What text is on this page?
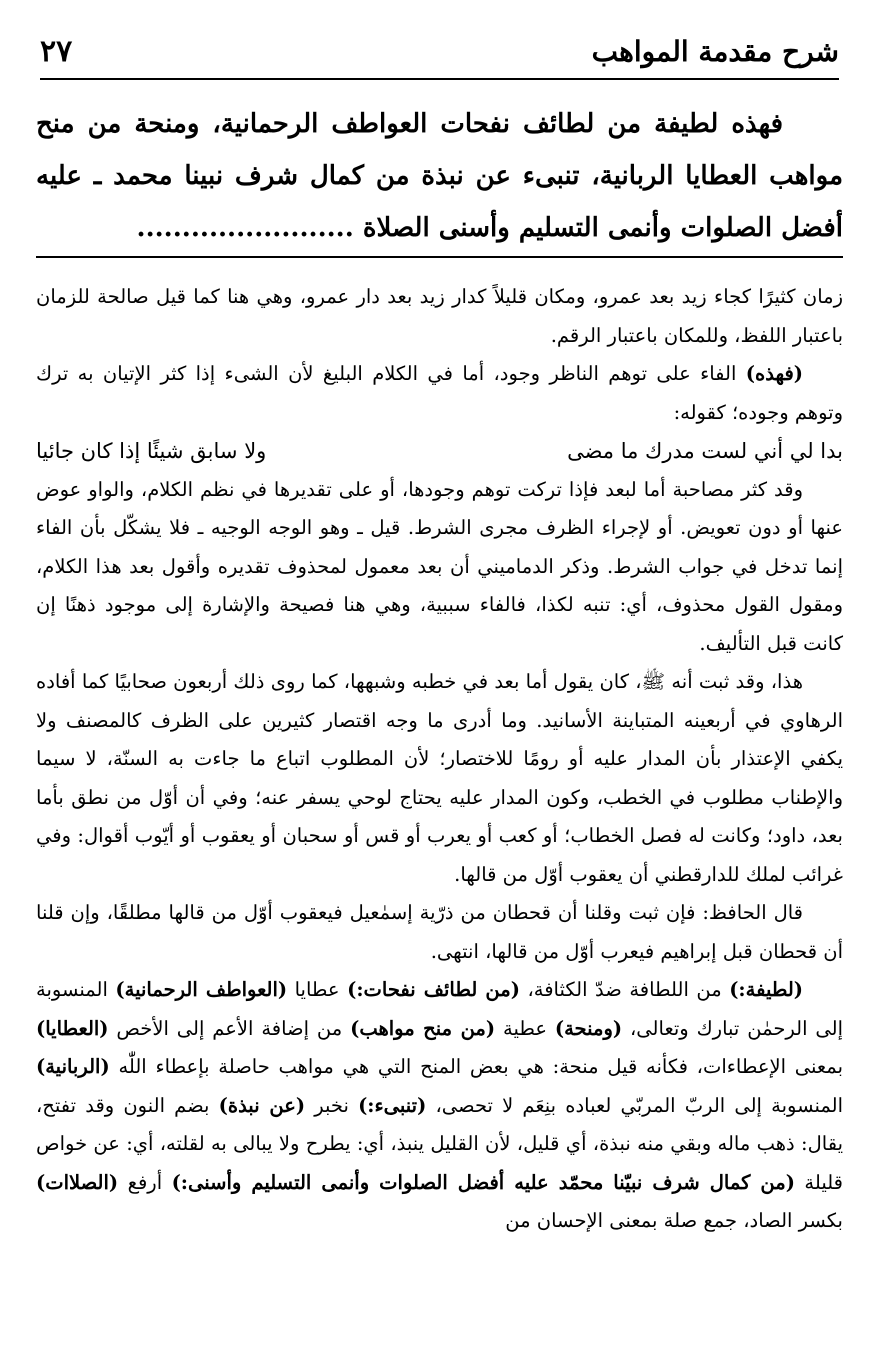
٢٧	شرح مقدمة المواهب

فهذه لطيفة من لطائف نفحات العواطف الرحمانية، ومنحة من منح مواهب العطايا الربانية، تنبىء عن نبذة من كمال شرف نبينا محمد ـ عليه أفضل الصلوات وأنمى التسليم وأسنى الصلاة ........................

زمان كثيرًا كجاء زيد بعد عمرو، ومكان قليلاً كدار زيد بعد دار عمرو، وهي هنا كما قيل صالحة للزمان باعتبار اللفظ، وللمكان باعتبار الرقم.

(فهذه) الفاء على توهم الناظر وجود، أما في الكلام البليغ لأن الشىء إذا كثر الإتيان به ترك وتوهم وجوده؛ كقوله:

بدا لي أني لست مدرك ما مضى
ولا سابق شيئًا إذا كان جائيا

وقد كثر مصاحبة أما لبعد فإذا تركت توهم وجودها، أو على تقديرها في نظم الكلام، والواو عوض عنها أو دون تعويض. أو لإجراء الظرف مجرى الشرط. قيل ـ وهو الوجه الوجيه ـ فلا يشكّل بأن الفاء إنما تدخل في جواب الشرط. وذكر الدماميني أن بعد معمول لمحذوف تقديره وأقول بعد هذا الكلام، ومقول القول محذوف، أي: تنبه لكذا، فالفاء سببية، وهي هنا فصيحة والإشارة إلى موجود ذهنًا إن كانت قبل التأليف.

هذا، وقد ثبت أنه ﷺ، كان يقول أما بعد في خطبه وشبهها، كما روى ذلك أربعون صحابيًا كما أفاده الرهاوي في أربعينه المتباينة الأسانيد. وما أدرى ما وجه اقتصار كثيرين على الظرف كالمصنف ولا يكفي الإعتذار بأن المدار عليه أو رومًا للاختصار؛ لأن المطلوب اتباع ما جاءت به السنّة، لا سيما والإطناب مطلوب في الخطب، وكون المدار عليه يحتاج لوحي يسفر عنه؛ وفي أن أوّل من نطق بأما بعد، داود؛ وكانت له فصل الخطاب؛ أو كعب أو يعرب أو قس أو سحبان أو يعقوب أو أيّوب أقوال: وفي غرائب لملك للدارقطني أن يعقوب أوّل من قالها.

قال الحافظ: فإن ثبت وقلنا أن قحطان من ذرّية إسمٰعيل فيعقوب أوّل من قالها مطلقًا، وإن قلنا أن قحطان قبل إبراهيم فيعرب أوّل من قالها، انتهى.

(لطيفة:) من اللطافة ضدّ الكثافة، (من لطائف نفحات:) عطايا (العواطف الرحمانية) المنسوبة إلى الرحمٰن تبارك وتعالى، (ومنحة) عطية (من منح مواهب) من إضافة الأعم إلى الأخص (العطايا) بمعنى الإعطاءات، فكأنه قيل منحة: هي بعض المنح التي هي مواهب حاصلة بإعطاء اللّٰه (الربانية) المنسوبة إلى الربّ المربّي لعباده بنِعَم لا تحصى، (تنبىء:) نخبر (عن نبذة) بضم النون وقد تفتح، يقال: ذهب ماله وبقي منه نبذة، أي قليل، لأن القليل ينبذ، أي: يطرح ولا يبالى به لقلته، أي: عن خواص قليلة (من كمال شرف نبيّنا محمّد عليه أفضل الصلوات وأنمى التسليم وأسنى:) أرفع (الصلاات) بكسر الصاد، جمع صلة بمعنى الإحسان من
